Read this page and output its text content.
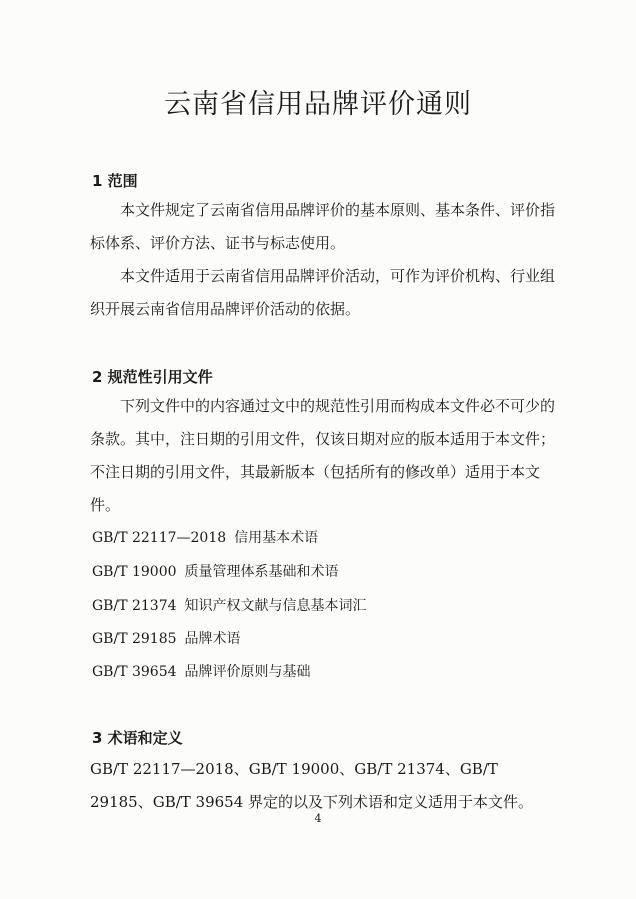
云南省信用品牌评价通则
1 范围
本文件规定了云南省信用品牌评价的基本原则、基本条件、评价指标体系、评价方法、证书与标志使用。
本文件适用于云南省信用品牌评价活动，可作为评价机构、行业组织开展云南省信用品牌评价活动的依据。
2 规范性引用文件
下列文件中的内容通过文中的规范性引用而构成本文件必不可少的条款。其中，注日期的引用文件，仅该日期对应的版本适用于本文件；不注日期的引用文件，其最新版本（包括所有的修改单）适用于本文件。
GB/T 22117—2018 信用基本术语
GB/T 19000 质量管理体系基础和术语
GB/T 21374 知识产权文献与信息基本词汇
GB/T 29185 品牌术语
GB/T 39654 品牌评价原则与基础
3 术语和定义
GB/T 22117—2018、GB/T 19000、GB/T 21374、GB/T 29185、GB/T 39654 界定的以及下列术语和定义适用于本文件。
4
